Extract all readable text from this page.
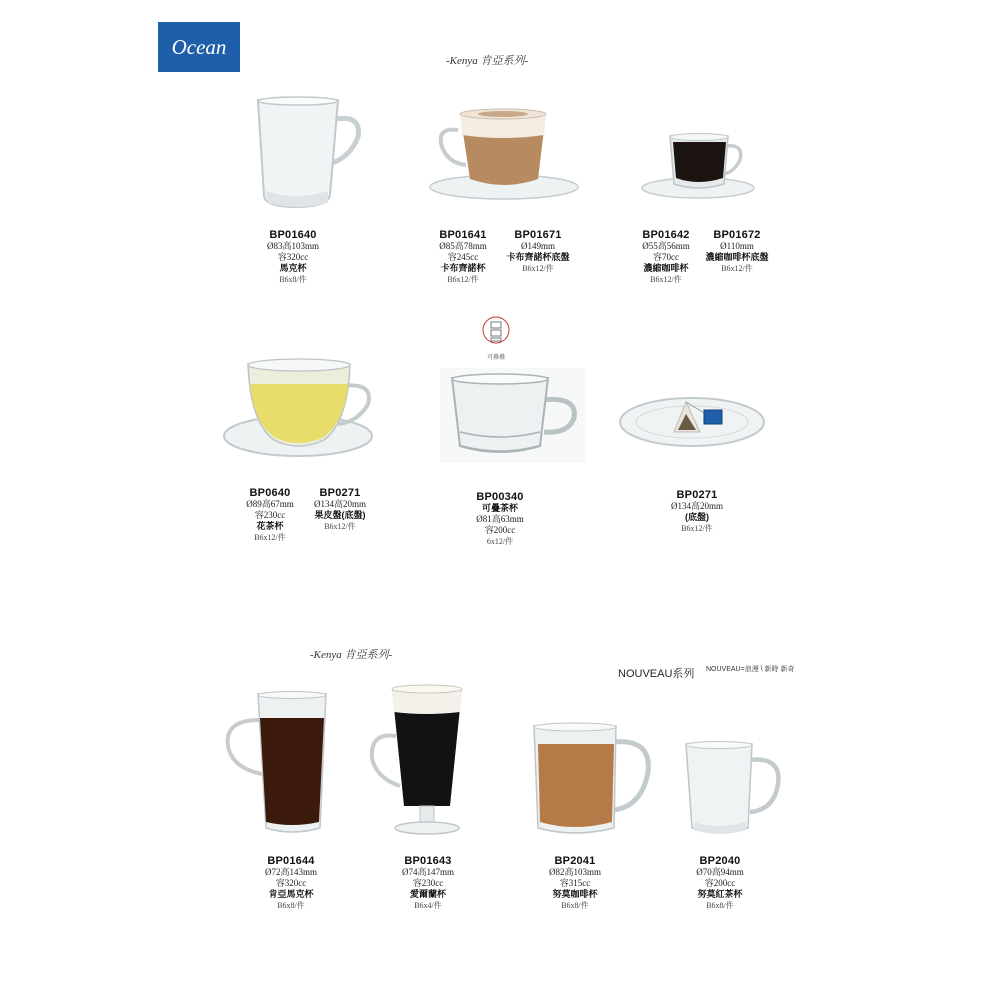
Ocean
-Kenya 肯亞系列-
-Kenya 肯亞系列-
NOUVEAU系列 NOUVEAU=浪漫 \ 新時 新奇
BP01640
Ø83高103mm
容320cc
馬克杯
B6x8/件
BP01641
Ø85高78mm
容245cc
卡布齊諾杯
B6x12/件
BP01671
Ø149mm
卡布齊諾杯底盤
B6x12/件
BP01642
Ø55高56mm
容70cc
濃縮咖啡杯
B6x12/件
BP01672
Ø110mm
濃縮咖啡杯底盤
B6x12/件
可疊疊
BP0640
Ø89高67mm
容230cc
花茶杯
B6x12/件
BP0271
Ø134高20mm
果皮盤(底盤)
B6x12/件
BP00340
可疊茶杯
Ø81高63mm
容200cc
6x12/件
BP0271
Ø134高20mm
(底盤)
B6x12/件
BP01644
Ø72高143mm
容320cc
肯亞馬克杯
B6x8/件
BP01643
Ø74高147mm
容230cc
愛爾蘭杯
B6x4/件
BP2041
Ø82高103mm
容315cc
努莫咖啡杯
B6x8/件
BP2040
Ø70高94mm
容200cc
努莫紅茶杯
B6x8/件
